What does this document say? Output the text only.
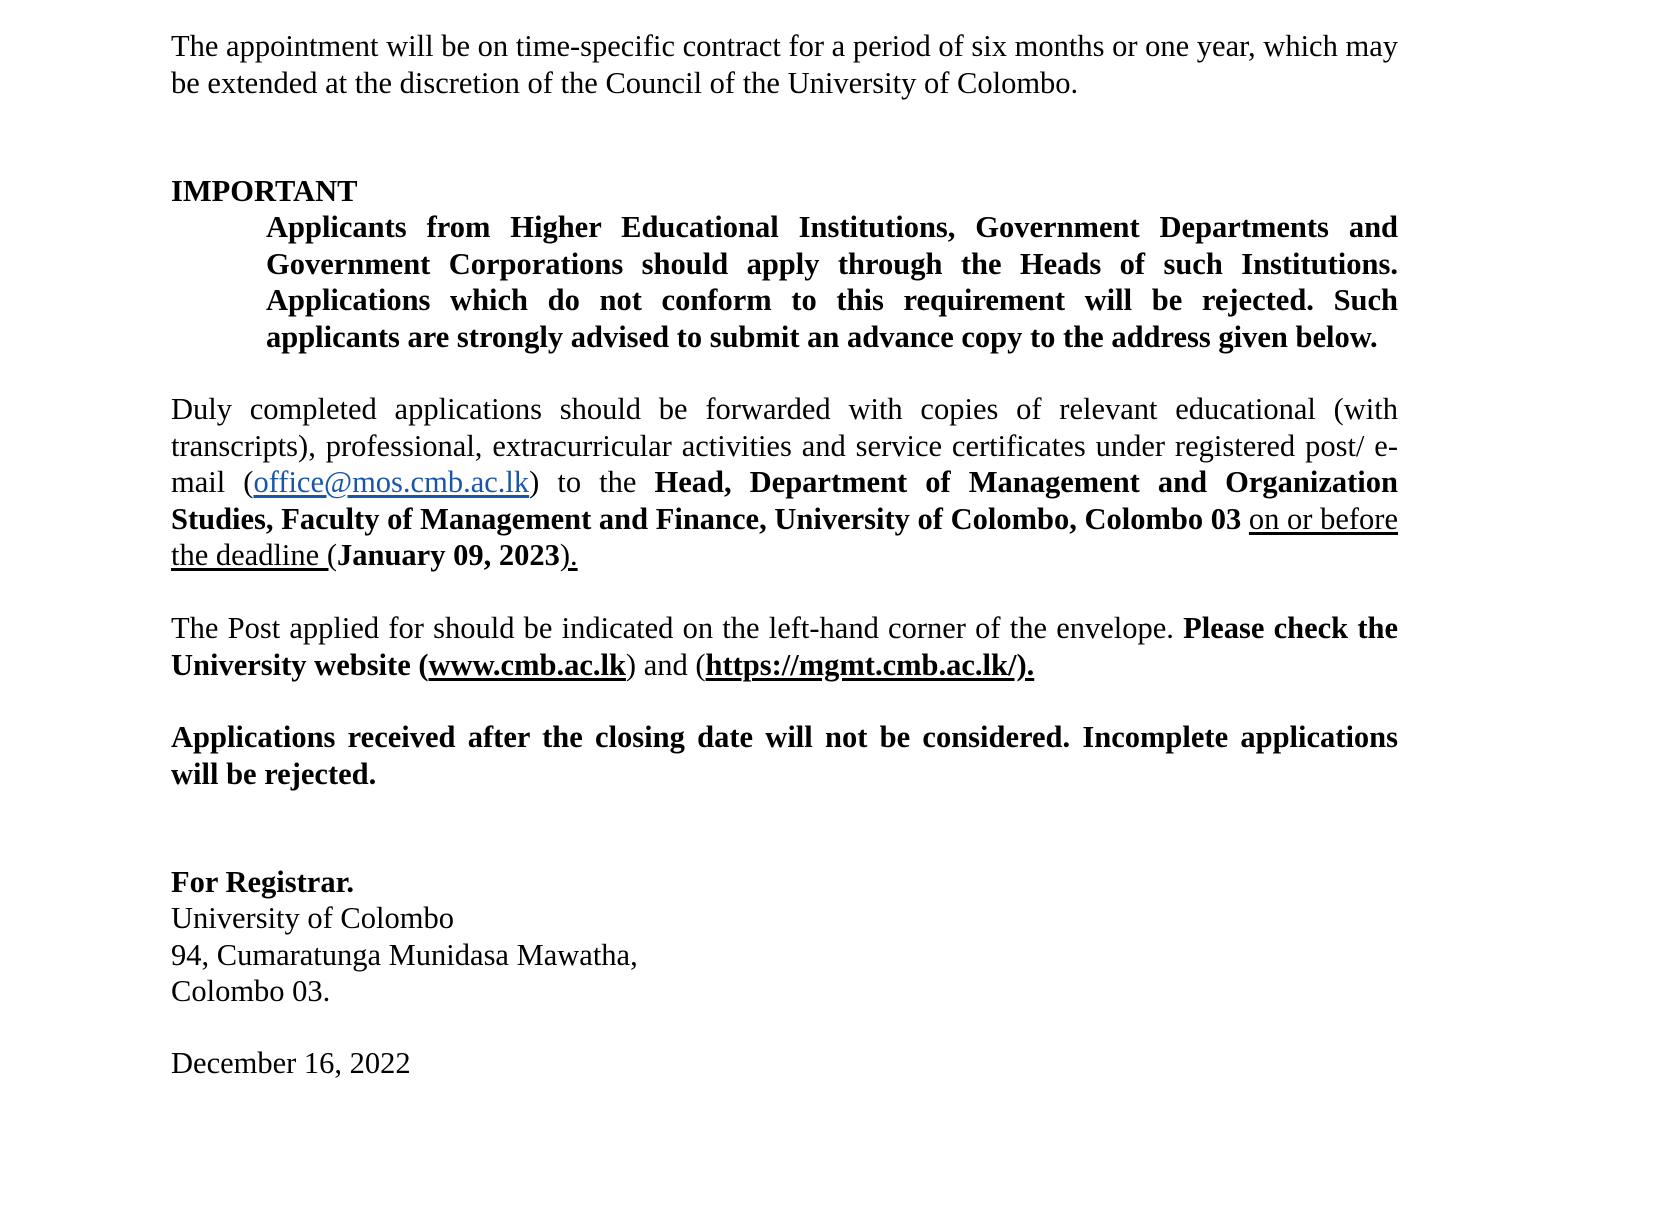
The appointment will be on time-specific contract for a period of six months or one year, which may be extended at the discretion of the Council of the University of Colombo.

IMPORTANT

Applicants from Higher Educational Institutions, Government Departments and Government Corporations should apply through the Heads of such Institutions. Applications which do not conform to this requirement will be rejected. Such applicants are strongly advised to submit an advance copy to the address given below.

Duly completed applications should be forwarded with copies of relevant educational (with transcripts), professional, extracurricular activities and service certificates under registered post/ e-mail (office@mos.cmb.ac.lk) to the Head, Department of Management and Organization Studies, Faculty of Management and Finance, University of Colombo, Colombo 03 on or before the deadline (January 09, 2023).

The Post applied for should be indicated on the left-hand corner of the envelope. Please check the University website (www.cmb.ac.lk) and (https://mgmt.cmb.ac.lk/).

Applications received after the closing date will not be considered. Incomplete applications will be rejected.

For Registrar.
University of Colombo
94, Cumaratunga Munidasa Mawatha,
Colombo 03.
December 16, 2022
